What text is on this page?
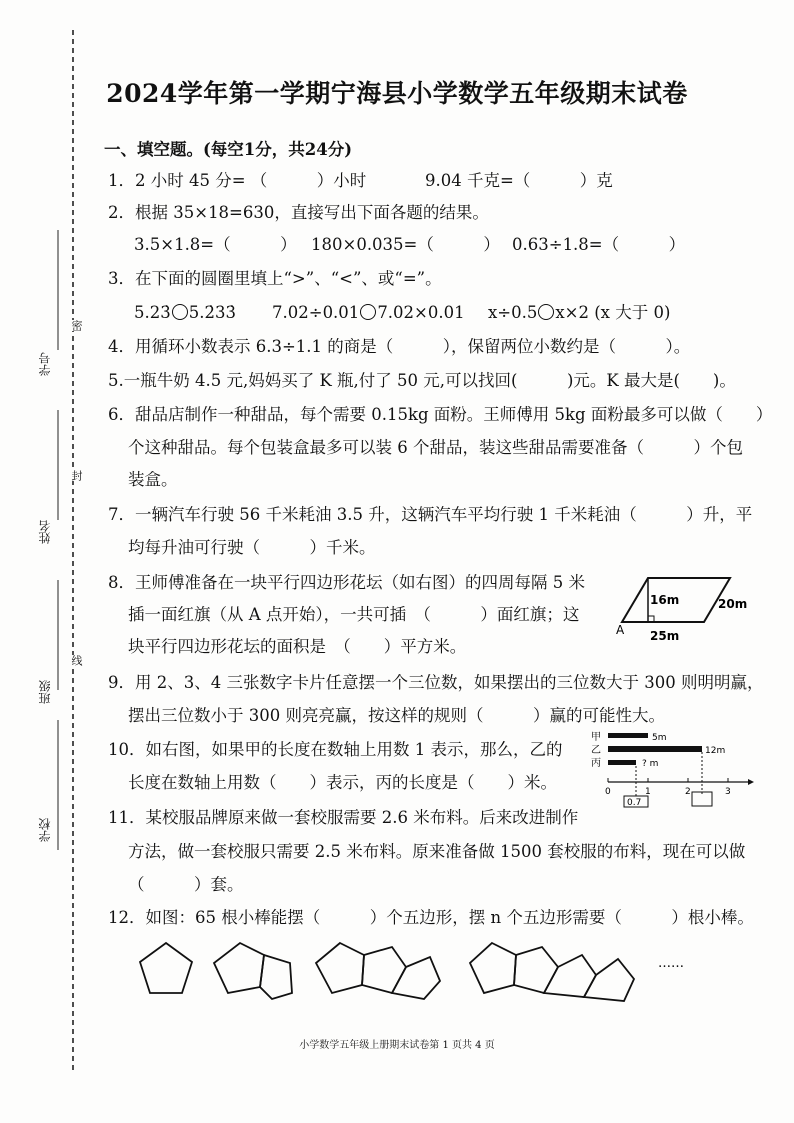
密
封
线
学号
姓名
班级
学校
2024学年第一学期宁海县小学数学五年级期末试卷
一、填空题。(每空1分，共24分)
1．2 小时 45 分= （　　　）小时	9.04 千克=（　　　）克
2．根据 35×18=630，直接写出下面各题的结果。
3.5×1.8=（　　　） 180×0.035=（　　　） 0.63÷1.8=（　　　）
3．在下面的圆圈里填上“>”、“<”、或“=”。
5.23̇ 5.2̇33̇ 7.02÷0.01 7.02×0.01 x÷0.5 x×2 (x 大于 0)
4．用循环小数表示 6.3÷1.1 的商是（　　　），保留两位小数约是（　　　）。
5.一瓶牛奶 4.5 元,妈妈买了 K 瓶,付了 50 元,可以找回(　　　)元。K 最大是(　　)。
6．甜品店制作一种甜品，每个需要 0.15kg 面粉。王师傅用 5kg 面粉最多可以做（　　）
个这种甜品。每个包装盒最多可以装 6 个甜品，装这些甜品需要准备（　　　）个包
装盒。
7．一辆汽车行驶 56 千米耗油 3.5 升，这辆汽车平均行驶 1 千米耗油（　　　）升，平
均每升油可行驶（　　　）千米。
8．王师傅准备在一块平行四边形花坛（如右图）的四周每隔 5 米
插一面红旗（从 A 点开始），一共可插　（　　　）面红旗；这
块平行四边形花坛的面积是　（　　）平方米。
16m	20m
25m
A
9．用 2、3、4 三张数字卡片任意摆一个三位数，如果摆出的三位数大于 300 则明明赢，
摆出三位数小于 300 则亮亮赢，按这样的规则（　　　）赢的可能性大。
10．如右图，如果甲的长度在数轴上用数 1 表示，那么，乙的
长度在数轴上用数（　　）表示，丙的长度是（　　）米。
甲	5m
乙	12m
丙	? m
0	1	2	3
0.7
11．某校服品牌原来做一套校服需要 2.6 米布料。后来改进制作
方法，做一套校服只需要 2.5 米布料。原来准备做 1500 套校服的布料，现在可以做
（　　　）套。
12．如图：65 根小棒能摆（　　　）个五边形，摆 n 个五边形需要（　　　）根小棒。
……
小学数学五年级上册期末试卷第 1 页共 4 页
